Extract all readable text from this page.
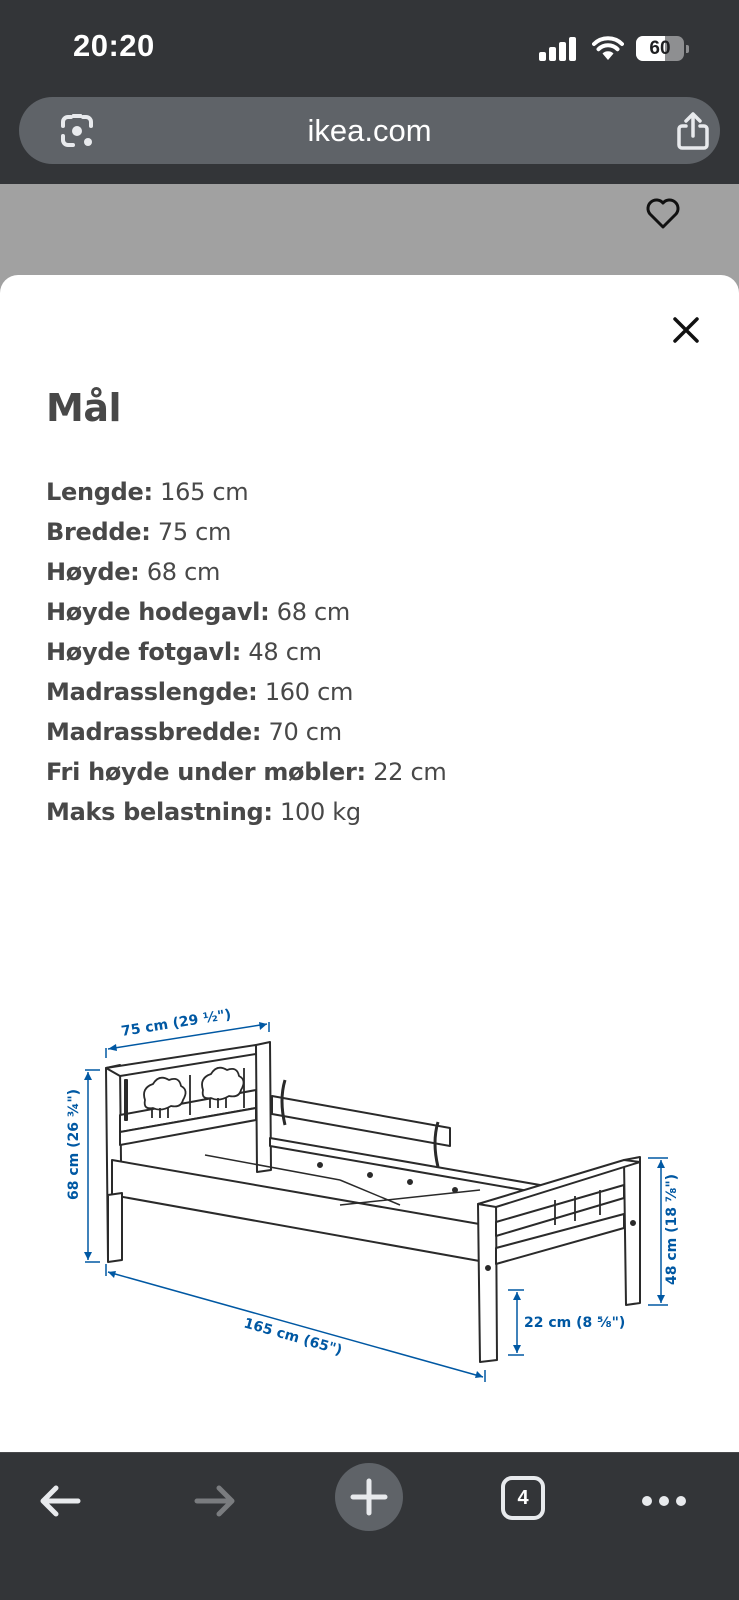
20:20	60
ikea.com
Mål
Lengde: 165 cm
Bredde: 75 cm
Høyde: 68 cm
Høyde hodegavl: 68 cm
Høyde fotgavl: 48 cm
Madrasslengde: 160 cm
Madrassbredde: 70 cm
Fri høyde under møbler: 22 cm
Maks belastning: 100 kg
75 cm (29 ½")
68 cm (26 ¾")
165 cm (65")
48 cm (18 ⅞")
22 cm (8 ⅝")
4
